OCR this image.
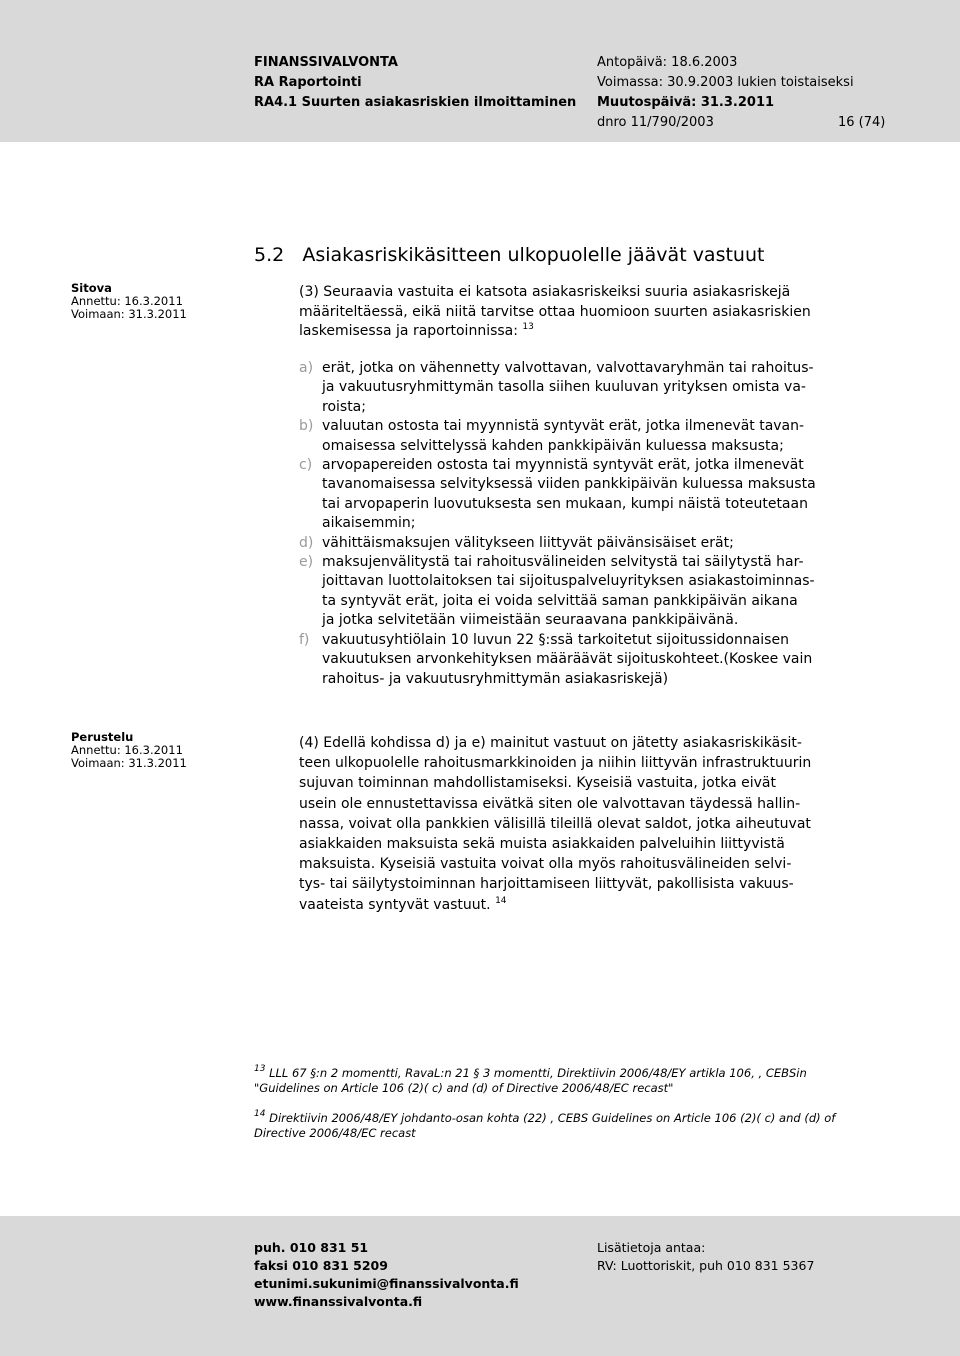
FINANSSIVALVONTA
RA Raportointi
RA4.1 Suurten asiakasriskien ilmoittaminen
Antopäivä: 18.6.2003
Voimassa: 30.9.2003 lukien toistaiseksi
Muutospäivä: 31.3.2011
dnro 11/790/2003	16 (74)
5.2 Asiakasriskikäsitteen ulkopuolelle jäävät vastuut
Sitova
Annettu: 16.3.2011
Voimaan: 31.3.2011
(3) Seuraavia vastuita ei katsota asiakasriskeiksi suuria asiakasriskejä
määriteltäessä, eikä niitä tarvitse ottaa huomioon suurten asiakasriskien
laskemisessa ja raportoinnissa: $^{13}$
a) erät, jotka on vähennetty valvottavan, valvottavaryhmän tai rahoitus-
ja vakuutusryhmittymän tasolla siihen kuuluvan yrityksen omista va-
roista;
b) valuutan ostosta tai myynnistä syntyvät erät, jotka ilmenevät tavan-
omaisessa selvittelyssä kahden pankkipäivän kuluessa maksusta;
c) arvopapereiden ostosta tai myynnistä syntyvät erät, jotka ilmenevät
tavanomaisessa selvityksessä viiden pankkipäivän kuluessa maksusta
tai arvopaperin luovutuksesta sen mukaan, kumpi näistä toteutetaan
aikaisemmin;
d) vähittäismaksujen välitykseen liittyvät päivänsisäiset erät;
e) maksujenvälitystä tai rahoitusvälineiden selvitystä tai säilytystä har-
joittavan luottolaitoksen tai sijoituspalveluyrityksen asiakastoiminnas-
ta syntyvät erät, joita ei voida selvittää saman pankkipäivän aikana
ja jotka selvitetään viimeistään seuraavana pankkipäivänä.
f) vakuutusyhtiölain 10 luvun 22 §:ssä tarkoitetut sijoitussidonnaisen
vakuutuksen arvonkehityksen määräävät sijoituskohteet.(Koskee vain
rahoitus- ja vakuutusryhmittymän asiakasriskejä)
Perustelu
Annettu: 16.3.2011
Voimaan: 31.3.2011
(4) Edellä kohdissa d) ja e) mainitut vastuut on jätetty asiakasriskikäsit-
teen ulkopuolelle rahoitusmarkkinoiden ja niihin liittyvän infrastruktuurin
sujuvan toiminnan mahdollistamiseksi. Kyseisiä vastuita, jotka eivät
usein ole ennustettavissa eivätkä siten ole valvottavan täydessä hallin-
nassa, voivat olla pankkien välisillä tileillä olevat saldot, jotka aiheutuvat
asiakkaiden maksuista sekä muista asiakkaiden palveluihin liittyvistä
maksuista. Kyseisiä vastuita voivat olla myös rahoitusvälineiden selvi-
tys- tai säilytystoiminnan harjoittamiseen liittyvät, pakollisista vakuus-
vaateista syntyvät vastuut. $^{14}$
$^{13}$ LLL 67 §:n 2 momentti, RavaL:n 21 § 3 momentti, Direktiivin 2006/48/EY artikla 106, , CEBSin
"Guidelines on Article 106 (2)( c) and (d) of Directive 2006/48/EC recast"
$^{14}$ Direktiivin 2006/48/EY johdanto-osan kohta (22) , CEBS Guidelines on Article 106 (2)( c) and (d) of
Directive 2006/48/EC recast
puh. 010 831 51
faksi 010 831 5209
etunimi.sukunimi@finanssivalvonta.fi
www.finanssivalvonta.fi
Lisätietoja antaa:
RV: Luottoriskit, puh 010 831 5367
